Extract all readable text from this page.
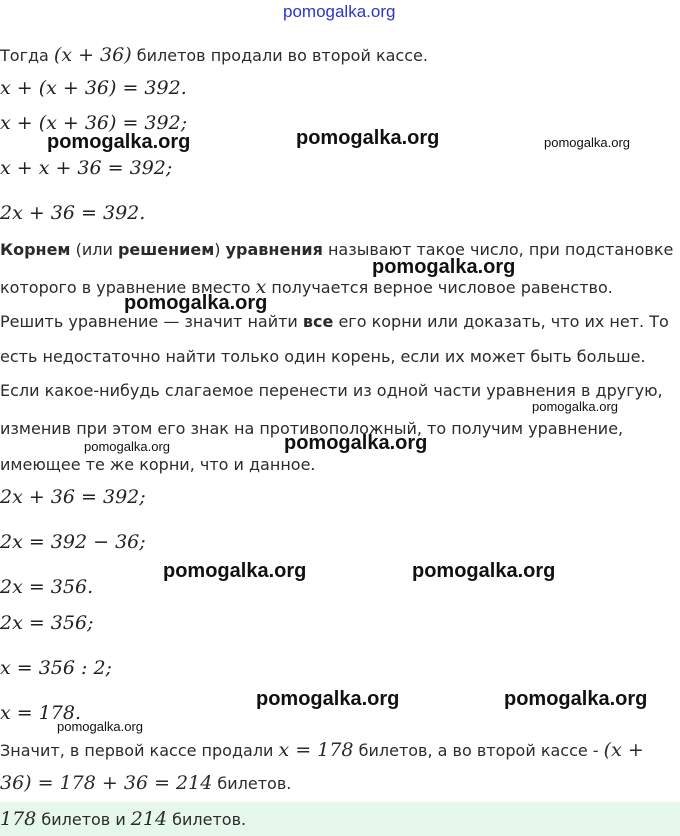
pomogalka.org
Тогда (x + 36) билетов продали во второй кассе.
x + (x + 36) = 392.
x + (x + 36) = 392;
x + x + 36 = 392;
2x + 36 = 392.
Корнем (или решением) уравнения называют такое число, при подстановке
которого в уравнение вместо x получается верное числовое равенство.
Решить уравнение — значит найти все его корни или доказать, что их нет. То
есть недостаточно найти только один корень, если их может быть больше.
Если какое-нибудь слагаемое перенести из одной части уравнения в другую,
изменив при этом его знак на противоположный, то получим уравнение,
имеющее те же корни, что и данное.
2x + 36 = 392;
2x = 392 − 36;
2x = 356.
2x = 356;
x = 356 : 2;
x = 178.
Значит, в первой кассе продали x = 178 билетов, а во второй кассе - (x +
36) = 178 + 36 = 214 билетов.
178 билетов и 214 билетов.
pomogalka.org	pomogalka.org	pomogalka.org
pomogalka.org
pomogalka.org
pomogalka.org
pomogalka.org	pomogalka.org
pomogalka.org	pomogalka.org
pomogalka.org	pomogalka.org
pomogalka.org
